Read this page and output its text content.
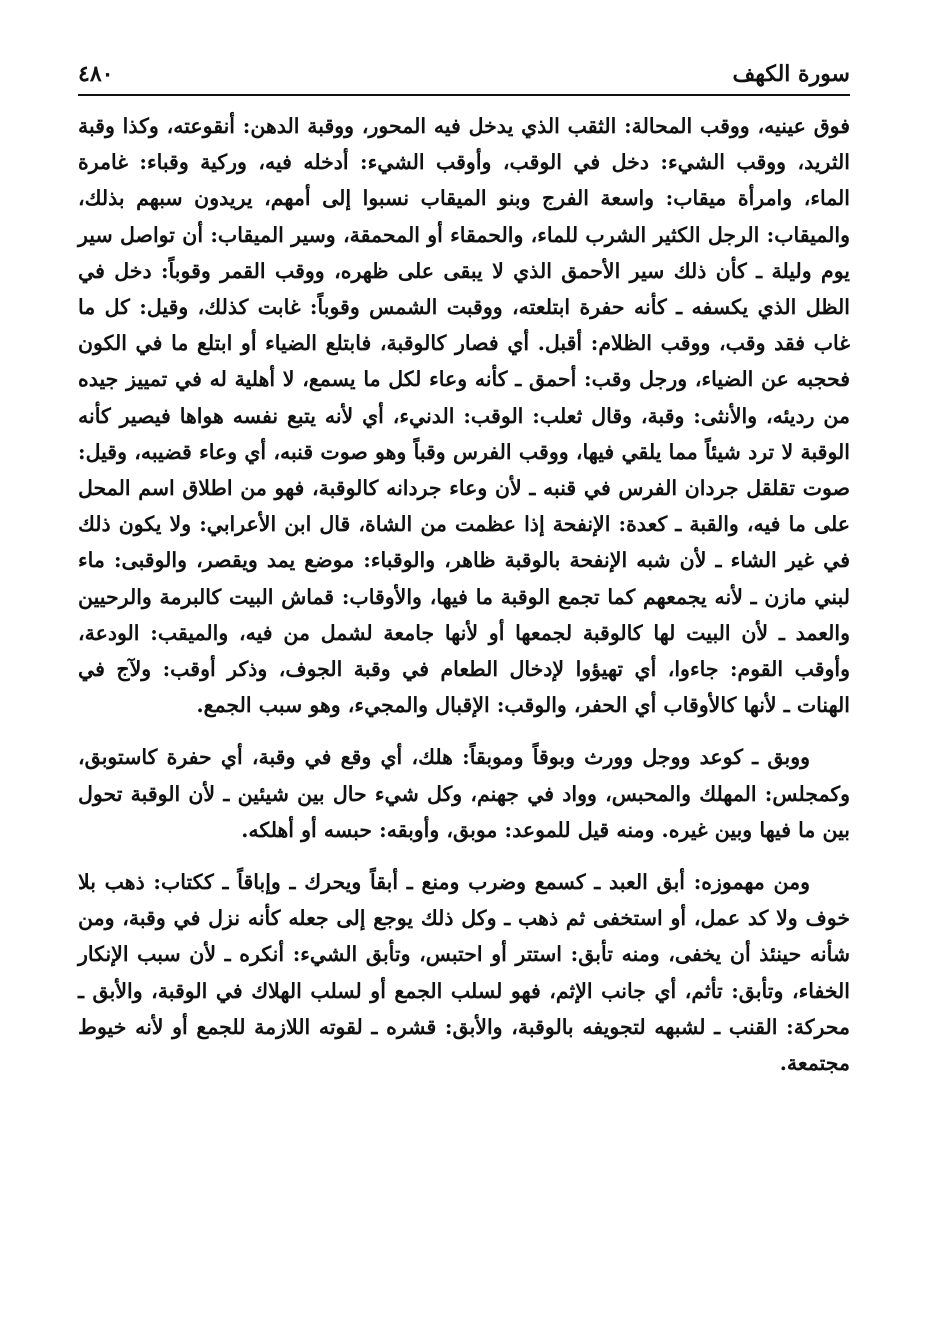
سورة الكهف
٤٨٠

فوق عينيه، ووقب المحالة: الثقب الذي يدخل فيه المحور، ووقبة الدهن: أنقوعته، وكذا وقبة الثريد، ووقب الشيء: دخل في الوقب، وأوقب الشيء: أدخله فيه، وركية وقباء: غامرة الماء، وامرأة ميقاب: واسعة الفرج وبنو الميقاب نسبوا إلى أمهم، يريدون سبهم بذلك، والميقاب: الرجل الكثير الشرب للماء، والحمقاء أو المحمقة، وسير الميقاب: أن تواصل سير يوم وليلة ـ كأن ذلك سير الأحمق الذي لا يبقى على ظهره، ووقب القمر وقوباً: دخل في الظل الذي يكسفه ـ كأنه حفرة ابتلعته، ووقبت الشمس وقوباً: غابت كذلك، وقيل: كل ما غاب فقد وقب، ووقب الظلام: أقبل. أي فصار كالوقبة، فابتلع الضياء أو ابتلع ما في الكون فحجبه عن الضياء، ورجل وقب: أحمق ـ كأنه وعاء لكل ما يسمع، لا أهلية له في تمييز جيده من رديئه، والأنثى: وقبة، وقال ثعلب: الوقب: الدنيء، أي لأنه يتبع نفسه هواها فيصير كأنه الوقبة لا ترد شيئاً مما يلقي فيها، ووقب الفرس وقباً وهو صوت قنبه، أي وعاء قضيبه، وقيل: صوت تقلقل جردان الفرس في قنبه ـ لأن وعاء جردانه كالوقبة، فهو من اطلاق اسم المحل على ما فيه، والقبة ـ كعدة: الإنفحة إذا عظمت من الشاة، قال ابن الأعرابي: ولا يكون ذلك في غير الشاء ـ لأن شبه الإنفحة بالوقبة ظاهر، والوقباء: موضع يمد ويقصر، والوقبى: ماء لبني مازن ـ لأنه يجمعهم كما تجمع الوقبة ما فيها، والأوقاب: قماش البيت كالبرمة والرحيين والعمد ـ لأن البيت لها كالوقبة لجمعها أو لأنها جامعة لشمل من فيه، والميقب: الودعة، وأوقب القوم: جاءوا، أي تهيؤوا لإدخال الطعام في وقبة الجوف، وذكر أوقب: ولآج في الهنات ـ لأنها كالأوقاب أي الحفر، والوقب: الإقبال والمجيء، وهو سبب الجمع.

ووبق ـ كوعد ووجل وورث وبوقاً وموبقاً: هلك، أي وقع في وقبة، أي حفرة كاستوبق، وكمجلس: المهلك والمحبس، وواد في جهنم، وكل شيء حال بين شيئين ـ لأن الوقبة تحول بين ما فيها وبين غيره. ومنه قيل للموعد: موبق، وأوبقه: حبسه أو أهلكه.

ومن مهموزه: أبق العبد ـ كسمع وضرب ومنع ـ أبقاً ويحرك ـ وإباقاً ـ ككتاب: ذهب بلا خوف ولا كد عمل، أو استخفى ثم ذهب ـ وكل ذلك يوجع إلى جعله كأنه نزل في وقبة، ومن شأنه حينئذ أن يخفى، ومنه تأبق: استتر أو احتبس، وتأبق الشيء: أنكره ـ لأن سبب الإنكار الخفاء، وتأبق: تأثم، أي جانب الإثم، فهو لسلب الجمع أو لسلب الهلاك في الوقبة، والأبق ـ محركة: القنب ـ لشبهه لتجويفه بالوقبة، والأبق: قشره ـ لقوته اللازمة للجمع أو لأنه خيوط مجتمعة.
